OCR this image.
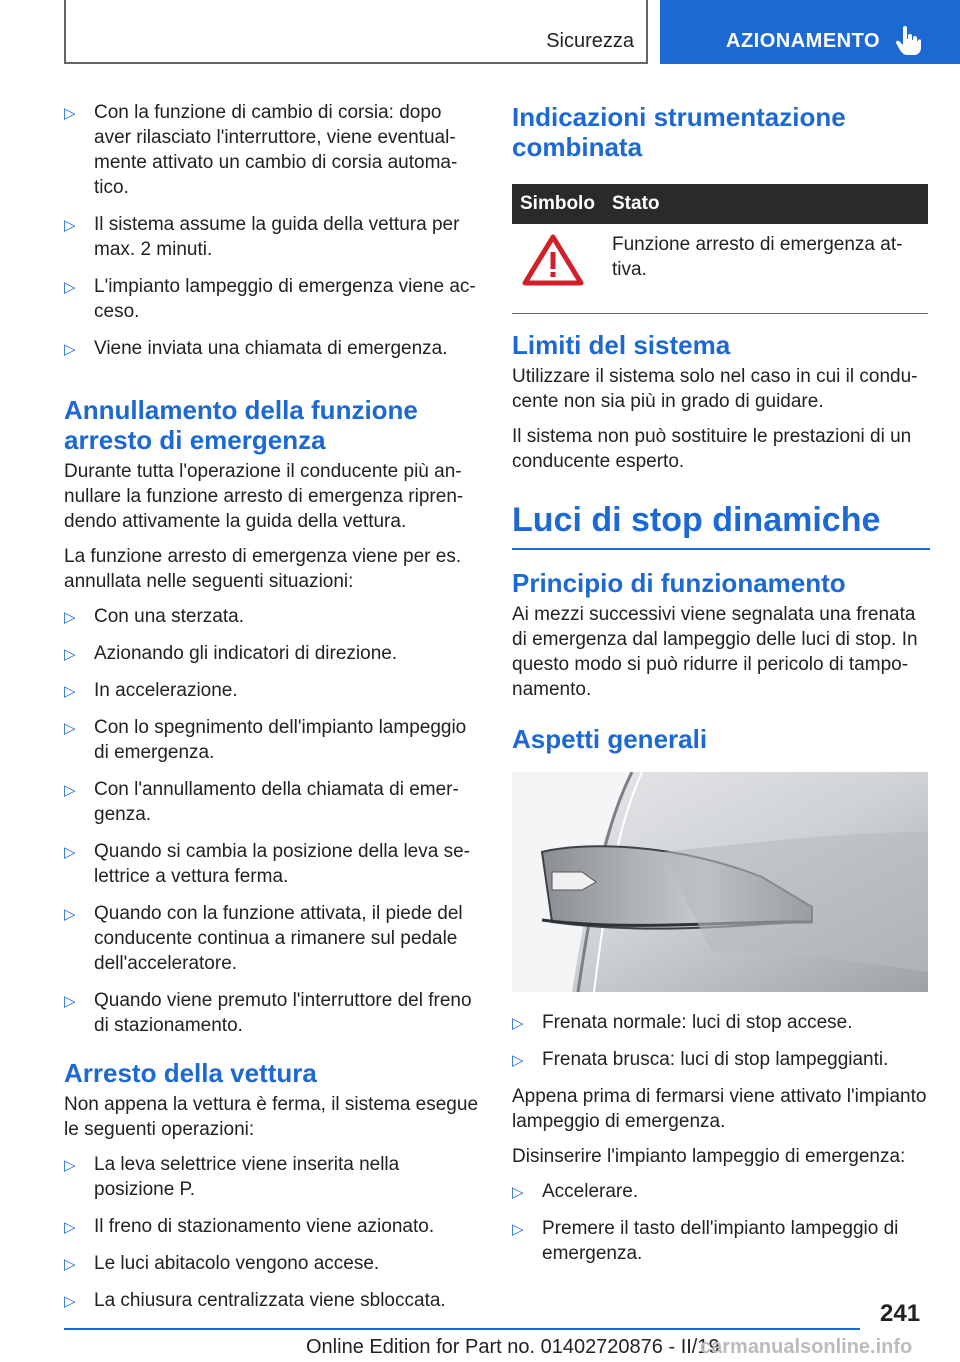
Sicurezza	AZIONAMENTO
▷ Con la funzione di cambio di corsia: dopo aver rilasciato l'interruttore, viene eventualmente attivato un cambio di corsia automatico.
▷ Il sistema assume la guida della vettura per max. 2 minuti.
▷ L'impianto lampeggio di emergenza viene acceso.
▷ Viene inviata una chiamata di emergenza.
Annullamento della funzione arresto di emergenza

Durante tutta l'operazione il conducente più annullare la funzione arresto di emergenza riprendendo attivamente la guida della vettura.

La funzione arresto di emergenza viene per es. annullata nelle seguenti situazioni:

▷ Con una sterzata.
▷ Azionando gli indicatori di direzione.
▷ In accelerazione.
▷ Con lo spegnimento dell'impianto lampeggio di emergenza.
▷ Con l'annullamento della chiamata di emergenza.
▷ Quando si cambia la posizione della leva selettrice a vettura ferma.
▷ Quando con la funzione attivata, il piede del conducente continua a rimanere sul pedale dell'acceleratore.
▷ Quando viene premuto l'interruttore del freno di stazionamento.
Arresto della vettura

Non appena la vettura è ferma, il sistema esegue le seguenti operazioni:

▷ La leva selettrice viene inserita nella posizione P.
▷ Il freno di stazionamento viene azionato.
▷ Le luci abitacolo vengono accese.
▷ La chiusura centralizzata viene sbloccata.
Indicazioni strumentazione combinata
Simbolo	Stato
	Funzione arresto di emergenza attiva.
Limiti del sistema

Utilizzare il sistema solo nel caso in cui il conducente non sia più in grado di guidare.

Il sistema non può sostituire le prestazioni di un conducente esperto.

Luci di stop dinamiche
Principio di funzionamento

Ai mezzi successivi viene segnalata una frenata di emergenza dal lampeggio delle luci di stop. In questo modo si può ridurre il pericolo di tamponamento.

Aspetti generali
▷ Frenata normale: luci di stop accese.
▷ Frenata brusca: luci di stop lampeggianti.

Appena prima di fermarsi viene attivato l'impianto lampeggio di emergenza.

Disinserire l'impianto lampeggio di emergenza:

▷ Accelerare.
▷ Premere il tasto dell'impianto lampeggio di emergenza.
241
Online Edition for Part no. 01402720876 - II/19
carmanualsonline.info
